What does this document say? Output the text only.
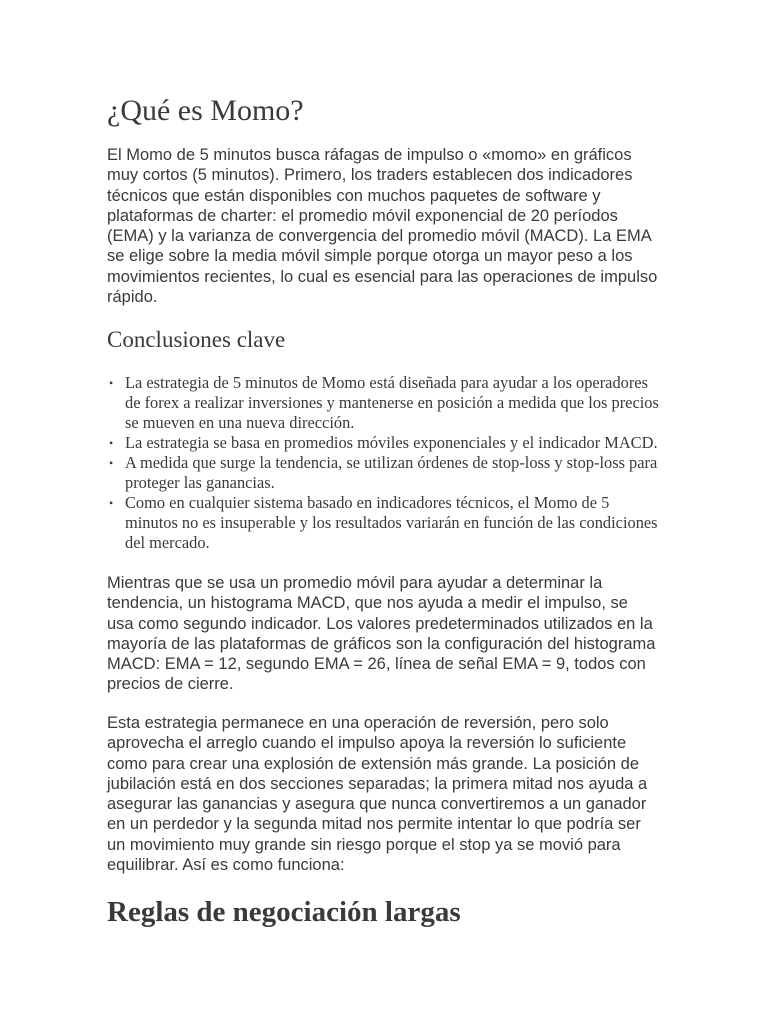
¿Qué es Momo?

El Momo de 5 minutos busca ráfagas de impulso o «momo» en gráficos muy cortos (5 minutos). Primero, los traders establecen dos indicadores técnicos que están disponibles con muchos paquetes de software y plataformas de charter: el promedio móvil exponencial de 20 períodos (EMA) y la varianza de convergencia del promedio móvil (MACD). La EMA se elige sobre la media móvil simple porque otorga un mayor peso a los movimientos recientes, lo cual es esencial para las operaciones de impulso rápido.

Conclusiones clave
• La estrategia de 5 minutos de Momo está diseñada para ayudar a los operadores de forex a realizar inversiones y mantenerse en posición a medida que los precios se mueven en una nueva dirección.
• La estrategia se basa en promedios móviles exponenciales y el indicador MACD.
• A medida que surge la tendencia, se utilizan órdenes de stop-loss y stop-loss para proteger las ganancias.
• Como en cualquier sistema basado en indicadores técnicos, el Momo de 5 minutos no es insuperable y los resultados variarán en función de las condiciones del mercado.

Mientras que se usa un promedio móvil para ayudar a determinar la tendencia, un histograma MACD, que nos ayuda a medir el impulso, se usa como segundo indicador. Los valores predeterminados utilizados en la mayoría de las plataformas de gráficos son la configuración del histograma MACD: EMA = 12, segundo EMA = 26, línea de señal EMA = 9, todos con precios de cierre.

Esta estrategia permanece en una operación de reversión, pero solo aprovecha el arreglo cuando el impulso apoya la reversión lo suficiente como para crear una explosión de extensión más grande. La posición de jubilación está en dos secciones separadas; la primera mitad nos ayuda a asegurar las ganancias y asegura que nunca convertiremos a un ganador en un perdedor y la segunda mitad nos permite intentar lo que podría ser un movimiento muy grande sin riesgo porque el stop ya se movió para equilibrar. Así es como funciona:

Reglas de negociación largas
